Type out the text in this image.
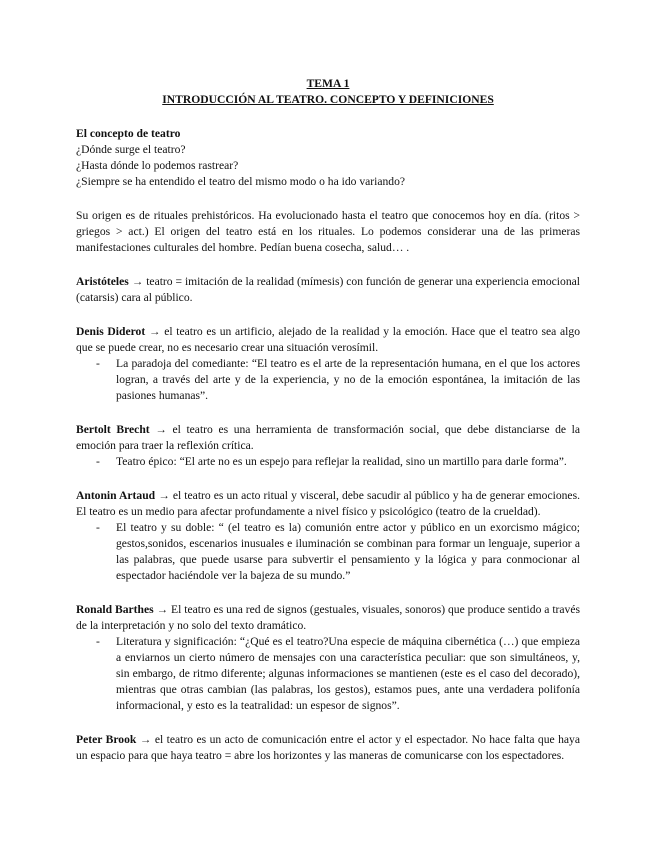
TEMA 1
INTRODUCCIÓN AL TEATRO. CONCEPTO Y DEFINICIONES
El concepto de teatro
¿Dónde surge el teatro?
¿Hasta dónde lo podemos rastrear?
¿Siempre se ha entendido el teatro del mismo modo o ha ido variando?

Su origen es de rituales prehistóricos. Ha evolucionado hasta el teatro que conocemos hoy en día. (ritos > griegos > act.) El origen del teatro está en los rituales. Lo podemos considerar una de las primeras manifestaciones culturales del hombre. Pedían buena cosecha, salud… .

Aristóteles → teatro = imitación de la realidad (mímesis) con función de generar una experiencia emocional (catarsis) cara al público.

Denis Diderot → el teatro es un artificio, alejado de la realidad y la emoción. Hace que el teatro sea algo que se puede crear, no es necesario crear una situación verosímil.

- La paradoja del comediante: “El teatro es el arte de la representación humana, en el que los actores logran, a través del arte y de la experiencia, y no de la emoción espontánea, la imitación de las pasiones humanas”.

Bertolt Brecht → el teatro es una herramienta de transformación social, que debe distanciarse de la emoción para traer la reflexión crítica.

- Teatro épico: “El arte no es un espejo para reflejar la realidad, sino un martillo para darle forma”.

Antonin Artaud → el teatro es un acto ritual y visceral, debe sacudir al público y ha de generar emociones. El teatro es un medio para afectar profundamente a nivel físico y psicológico (teatro de la crueldad).

- El teatro y su doble: “ (el teatro es la) comunión entre actor y público en un exorcismo mágico; gestos,sonidos, escenarios inusuales e iluminación se combinan para formar un lenguaje, superior a las palabras, que puede usarse para subvertir el pensamiento y la lógica y para conmocionar al espectador haciéndole ver la bajeza de su mundo.”

Ronald Barthes → El teatro es una red de signos (gestuales, visuales, sonoros) que produce sentido a través de la interpretación y no solo del texto dramático.

- Literatura y significación: “¿Qué es el teatro?Una especie de máquina cibernética (…) que empieza a enviarnos un cierto número de mensajes con una característica peculiar: que son simultáneos, y, sin embargo, de ritmo diferente; algunas informaciones se mantienen (este es el caso del decorado), mientras que otras cambian (las palabras, los gestos), estamos pues, ante una verdadera polifonía informacional, y esto es la teatralidad: un espesor de signos”.

Peter Brook → el teatro es un acto de comunicación entre el actor y el espectador. No hace falta que haya un espacio para que haya teatro = abre los horizontes y las maneras de comunicarse con los espectadores.
